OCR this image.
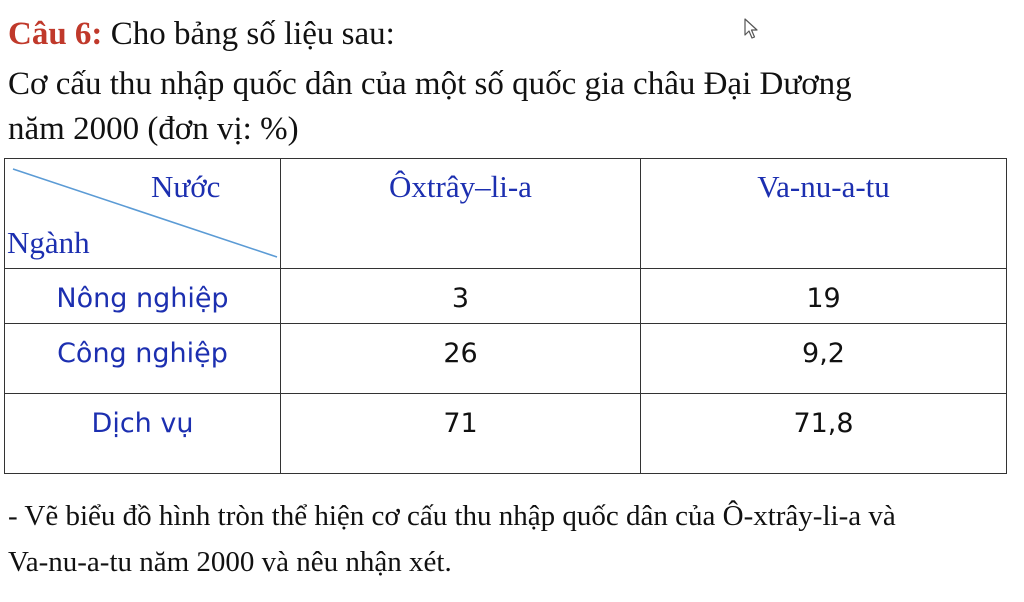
Câu 6: Cho bảng số liệu sau:
Cơ cấu thu nhập quốc dân của một số quốc gia châu Đại Dương
năm 2000 (đơn vị: %)
Nước
Ngành	Ôxtrây–li-a	Va-nu-a-tu
Nông nghiệp	3	19
Công nghiệp	26	9,2
Dịch vụ	71	71,8
- Vẽ biểu đồ hình tròn thể hiện cơ cấu thu nhập quốc dân của Ô-xtrây-li-a và
Va-nu-a-tu năm 2000 và nêu nhận xét.
